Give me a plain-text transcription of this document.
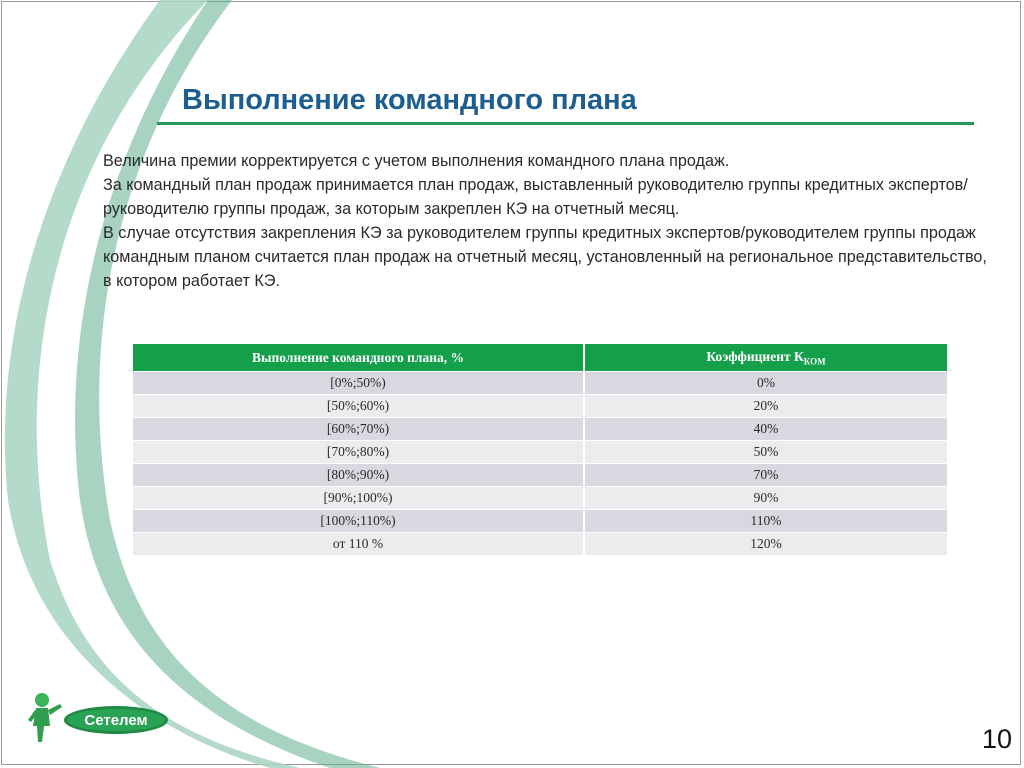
Выполнение командного плана

Величина премии корректируется с учетом выполнения командного плана продаж.

За командный план продаж принимается план продаж, выставленный руководителю группы кредитных экспертов/руководителю группы продаж, за которым закреплен КЭ на отчетный месяц.

В случае отсутствия закрепления КЭ за руководителем группы кредитных экспертов/руководителем группы продаж командным планом считается план продаж на отчетный месяц, установленный на региональное представительство, в котором работает КЭ.

Выполнение командного плана, %	Коэффициент $К_{КОМ}$
[0%;50%)	0%
[50%;60%)	20%
[60%;70%)	40%
[70%;80%)	50%
[80%;90%)	70%
[90%;100%)	90%
[100%;110%)	110%
от 110 %	120%
Сетелем
10
